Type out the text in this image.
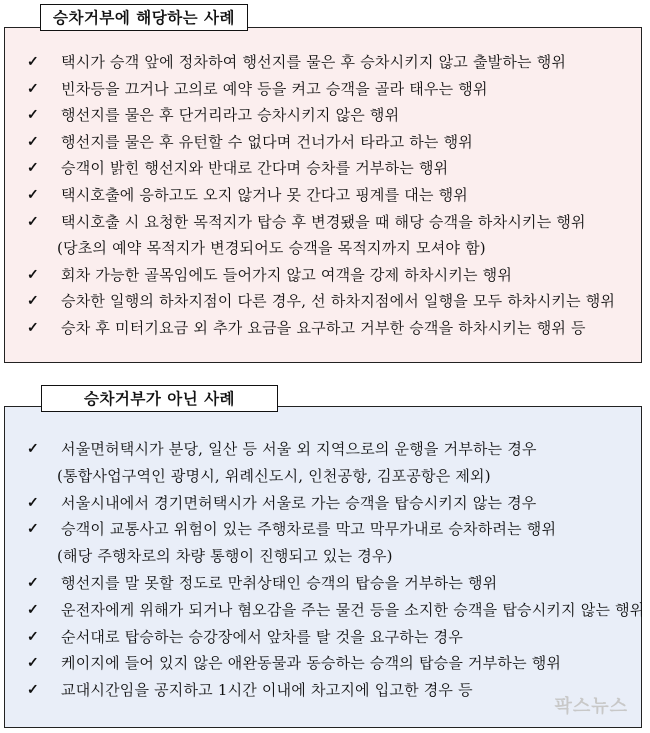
✓ 택시가 승객 앞에 정차하여 행선지를 물은 후 승차시키지 않고 출발하는 행위
✓ 빈차등을 끄거나 고의로 예약 등을 켜고 승객을 골라 태우는 행위
✓ 행선지를 물은 후 단거리라고 승차시키지 않은 행위
✓ 행선지를 물은 후 유턴할 수 없다며 건너가서 타라고 하는 행위
✓ 승객이 밝힌 행선지와 반대로 간다며 승차를 거부하는 행위
✓ 택시호출에 응하고도 오지 않거나 못 간다고 핑계를 대는 행위
✓ 택시호출 시 요청한 목적지가 탑승 후 변경됐을 때 해당 승객을 하차시키는 행위
(당초의 예약 목적지가 변경되어도 승객을 목적지까지 모셔야 함)
✓ 회차 가능한 골목임에도 들어가지 않고 여객을 강제 하차시키는 행위
✓ 승차한 일행의 하차지점이 다른 경우, 선 하차지점에서 일행을 모두 하차시키는 행위
✓ 승차 후 미터기요금 외 추가 요금을 요구하고 거부한 승객을 하차시키는 행위 등
승차거부에 해당하는 사례
✓ 서울면허택시가 분당, 일산 등 서울 외 지역으로의 운행을 거부하는 경우
(통합사업구역인 광명시, 위례신도시, 인천공항, 김포공항은 제외)
✓ 서울시내에서 경기면허택시가 서울로 가는 승객을 탑승시키지 않는 경우
✓ 승객이 교통사고 위험이 있는 주행차로를 막고 막무가내로 승차하려는 행위
(해당 주행차로의 차량 통행이 진행되고 있는 경우)
✓ 행선지를 말 못할 정도로 만취상태인 승객의 탑승을 거부하는 행위
✓ 운전자에게 위해가 되거나 혐오감을 주는 물건 등을 소지한 승객을 탑승시키지 않는 행위
✓ 순서대로 탑승하는 승강장에서 앞차를 탈 것을 요구하는 경우
✓ 케이지에 들어 있지 않은 애완동물과 동승하는 승객의 탑승을 거부하는 행위
✓ 교대시간임을 공지하고 1시간 이내에 차고지에 입고한 경우 등
승차거부가 아닌 사례
팍스뉴스
